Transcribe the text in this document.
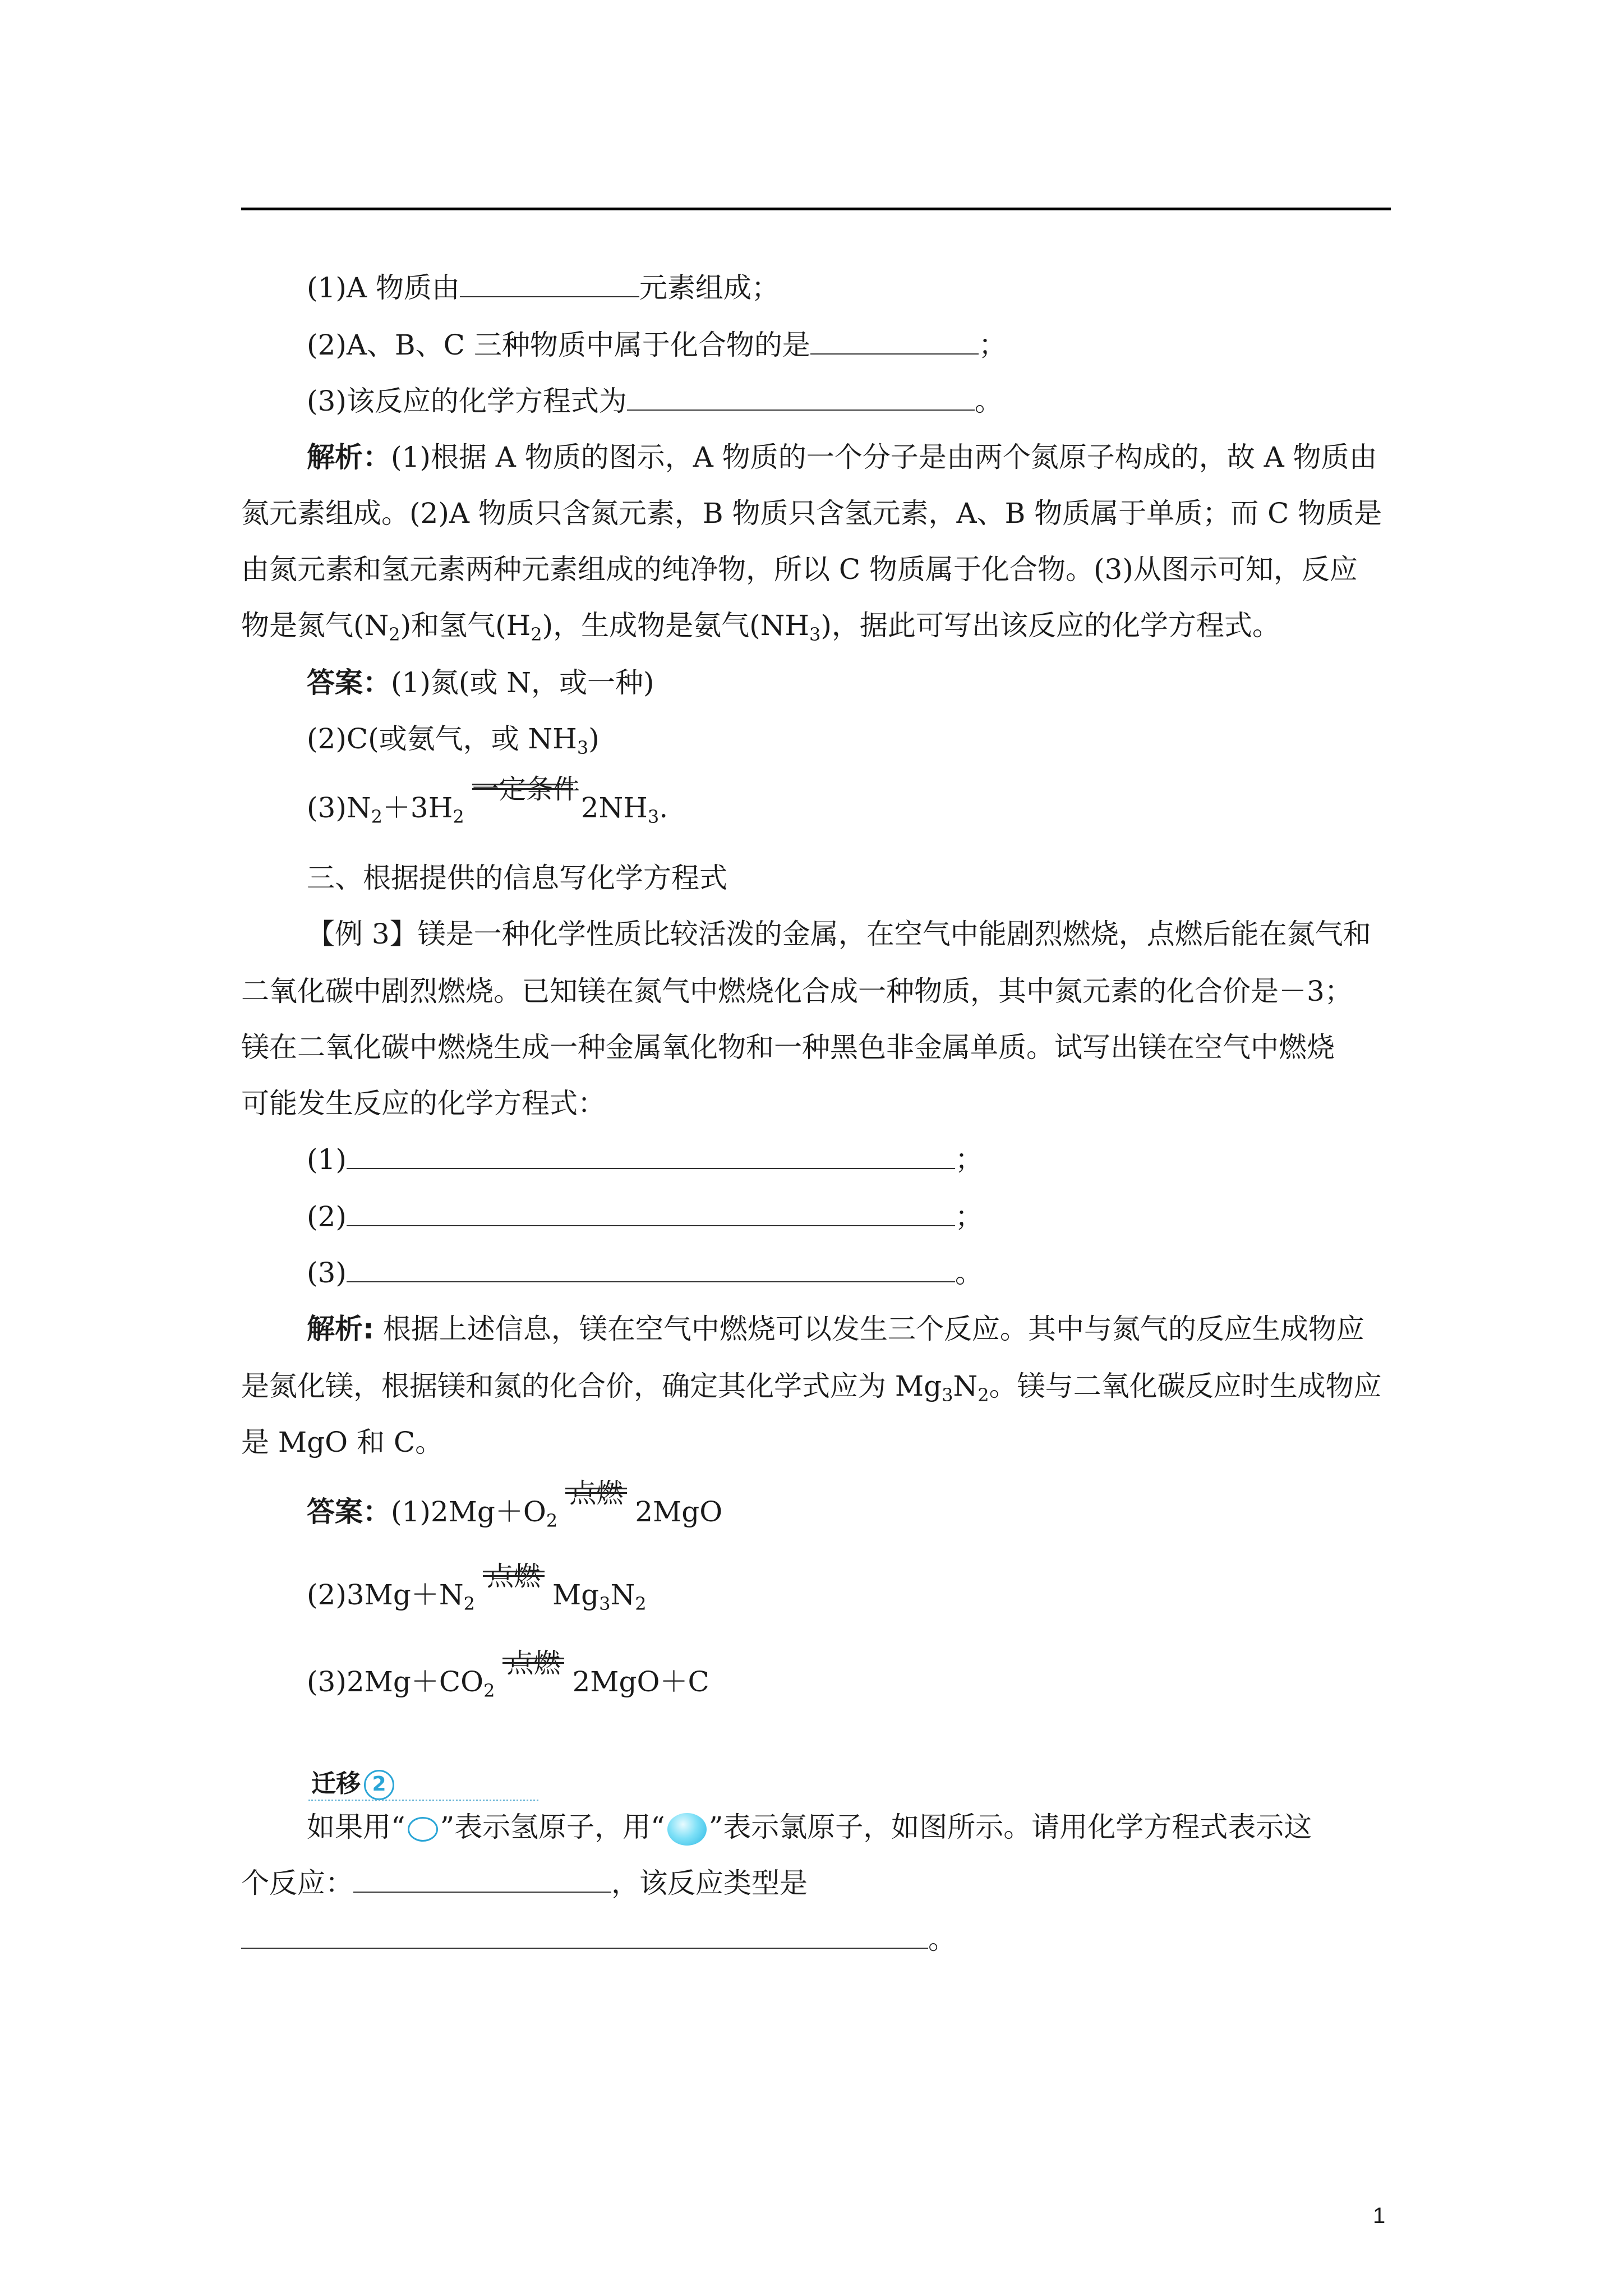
(1)A 物质由	元素组成；
(2)A、B、C 三种物质中属于化合物的是	；
(3)该反应的化学方程式为	。
解析：(1)根据 A 物质的图示，A 物质的一个分子是由两个氮原子构成的，故 A 物质由
氮元素组成。(2)A 物质只含氮元素，B 物质只含氢元素，A、B 物质属于单质；而 C 物质是
由氮元素和氢元素两种元素组成的纯净物，所以 C 物质属于化合物。(3)从图示可知，反应
物是氮气$(N_2)$和氢气$(H_2)$，生成物是氨气$(NH_3)$，据此可写出该反应的化学方程式。
答案：(1)氮(或 N，或一种)
(2)C(或氨气，或 $NH_3$)
$(3)N_2+3H_2$
一定条件
$2NH_3$.
三、根据提供的信息写化学方程式
【例 3】镁是一种化学性质比较活泼的金属，在空气中能剧烈燃烧，点燃后能在氮气和
二氧化碳中剧烈燃烧。已知镁在氮气中燃烧化合成一种物质，其中氮元素的化合价是－3；
镁在二氧化碳中燃烧生成一种金属氧化物和一种黑色非金属单质。试写出镁在空气中燃烧
可能发生反应的化学方程式：
(1)	；
(2)	；
(3)	。
解析: 根据上述信息，镁在空气中燃烧可以发生三个反应。其中与氮气的反应生成物应
是氮化镁，根据镁和氮的化合价，确定其化学式应为 $Mg_3N_2$。镁与二氧化碳反应时生成物应
是 MgO 和 C。
答案：$(1)2Mg+O_2$
点燃
2MgO
$(2)3Mg+N_2$
点燃
$Mg_3N_2$
$(3)2Mg+CO_2$
点燃
2MgO＋C
迁移 2
如果用“ ”表示氢原子，用“ ”表示氯原子，如图所示。请用化学方程式表示这
个反应：	，该反应类型是
。
1
